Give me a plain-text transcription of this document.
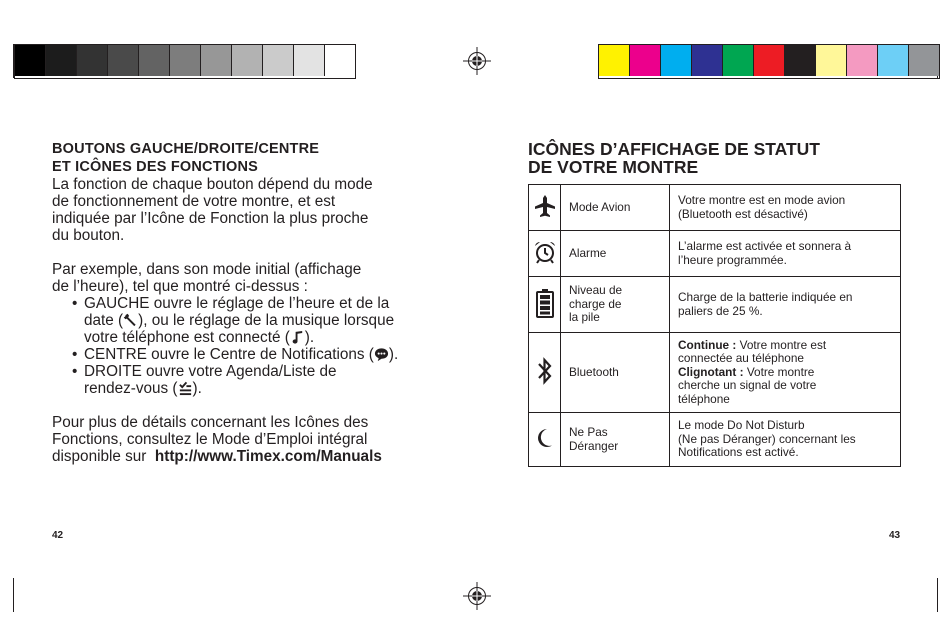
BOUTONS GAUCHE/DROITE/CENTRE
ET ICÔNES DES FONCTIONS

La fonction de chaque bouton dépend du mode
de fonctionnement de votre montre, et est
indiquée par l’Icône de Fonction la plus proche
du bouton.

Par exemple, dans son mode initial (affichage
de l’heure), tel que montré ci-dessus :

• GAUCHE ouvre le réglage de l’heure et de la
date ( ), ou le réglage de la musique lorsque
votre téléphone est connecté ( ).
• CENTRE ouvre le Centre de Notifications ( ).
• DROITE ouvre votre Agenda/Liste de
rendez-vous ( ).

Pour plus de détails concernant les Icônes des
Fonctions, consultez le Mode d’Emploi intégral
disponible sur http://www.Timex.com/Manuals

ICÔNES D’AFFICHAGE DE STATUT
DE VOTRE MONTRE
	Mode Avion	Votre montre est en mode avion
(Bluetooth est désactivé)
	Alarme	L’alarme est activée et sonnera à
l’heure programmée.
	Niveau de
charge de
la pile	Charge de la batterie indiquée en
paliers de 25 %.
	Bluetooth	Continue : Votre montre est
connectée au téléphone
Clignotant : Votre montre
cherche un signal de votre
téléphone
	Ne Pas
Déranger	Le mode Do Not Disturb
(Ne pas Déranger) concernant les
Notifications est activé.
42	43
